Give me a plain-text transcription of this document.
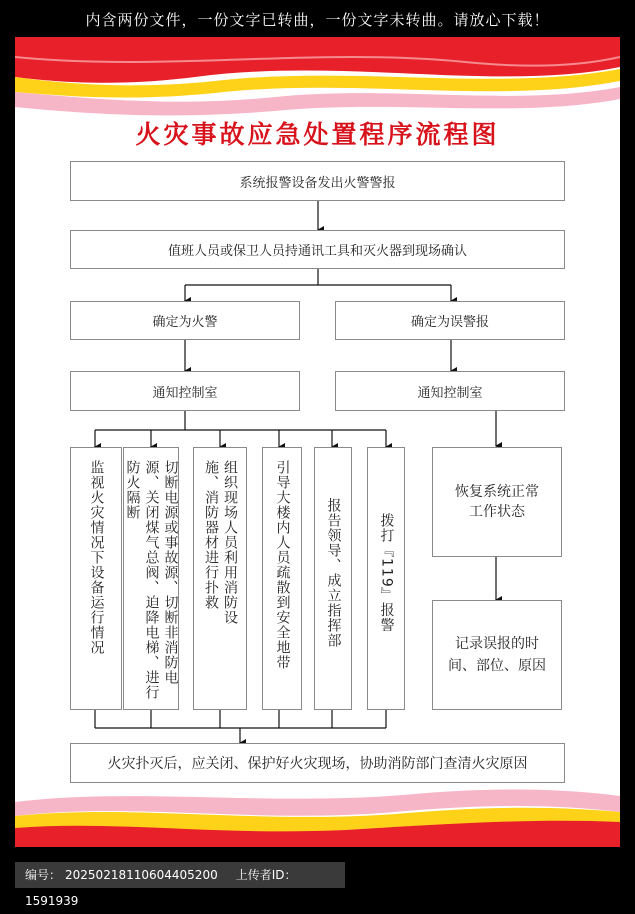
内含两份文件，一份文字已转曲，一份文字未转曲。请放心下载！
火灾事故应急处置程序流程图
系统报警设备发出火警警报
值班人员或保卫人员持通讯工具和灭火器到现场确认
确定为火警	确定为误警报
通知控制室	通知控制室
监视火灾情况下设备运行情况	切断电源或事故源、切断非消防电源、关闭煤气总阀、迫降电梯、进行防火隔断	组织现场人员利用消防设施、消防器材进行扑救	引导大楼内人员疏散到安全地带	报告领导、成立指挥部	拨打『119』报警
恢复系统正常工作状态
记录误报的时间、部位、原因
火灾扑灭后，应关闭、保护好火灾现场，协助消防部门查清火灾原因
编号： 20250218110604405200 上传者ID：1591939
